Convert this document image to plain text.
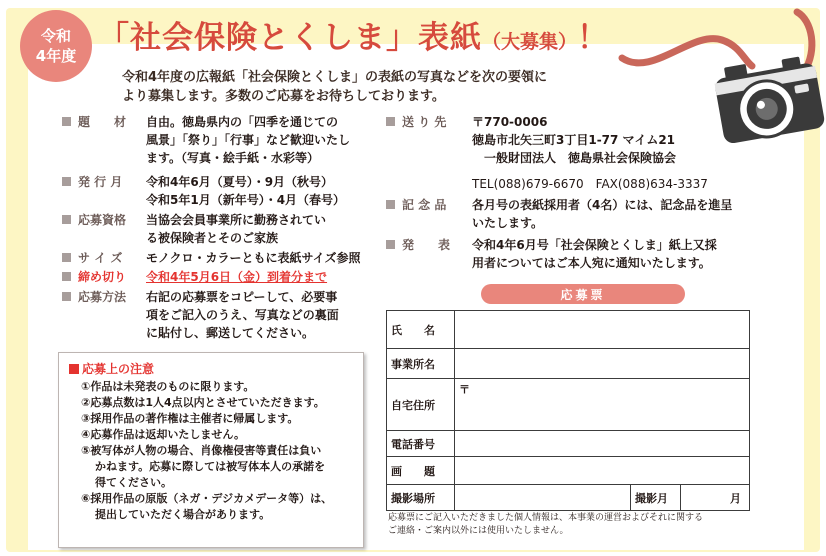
令和
4年度 「社会保険とくしま」表紙 （大募集） ！
令和4年度の広報紙「社会保険とくしま」の表紙の写真などを次の要領に
より募集します。多数のご応募をお待ちしております。
題　　材 自由。徳島県内の「四季を通じての
風景」「祭り」「行事」など歓迎いたし
ます。（写真・絵手紙・水彩等）
発 行 月 令和4年6月（夏号）・9月（秋号）
令和5年1月（新年号）・4月（春号）
応募資格 当協会会員事業所に勤務されてい
る被保険者とそのご家族
サ イ ズ モノクロ・カラーともに表紙サイズ参照
締め切り 令和4年5月6日（金）到着分まで
応募方法 右記の応募票をコピーして、必要事
項をご記入のうえ、写真などの裏面
に貼付し、郵送してください。
応募上の注意
①作品は未発表のものに限ります。
②応募点数は1人4点以内とさせていただきます。
③採用作品の著作権は主催者に帰属します。
④応募作品は返却いたしません。
⑤被写体が人物の場合、肖像権侵害等責任は負い
かねます。応募に際しては被写体本人の承諾を
得てください。
⑥採用作品の原版（ネガ・デジカメデータ等）は、
提出していただく場合があります。
送 り 先 〒770-0006
徳島市北矢三町3丁目1-77 マイム21
　一般財団法人　徳島県社会保険協会
TEL(088)679-6670　FAX(088)634-3337
記 念 品 各月号の表紙採用者（4名）には、記念品を進呈
いたします。
発　　表 令和4年6月号「社会保険とくしま」紙上又採
用者についてはご本人宛に通知いたします。
応募票
氏　　名			
事業所名			
自宅住所	〒		
電話番号			
画　　題			
撮影場所		撮影月	月
応募票にご記入いただきました個人情報は、本事業の運営およびそれに関する
ご連絡・ご案内以外には使用いたしません。
